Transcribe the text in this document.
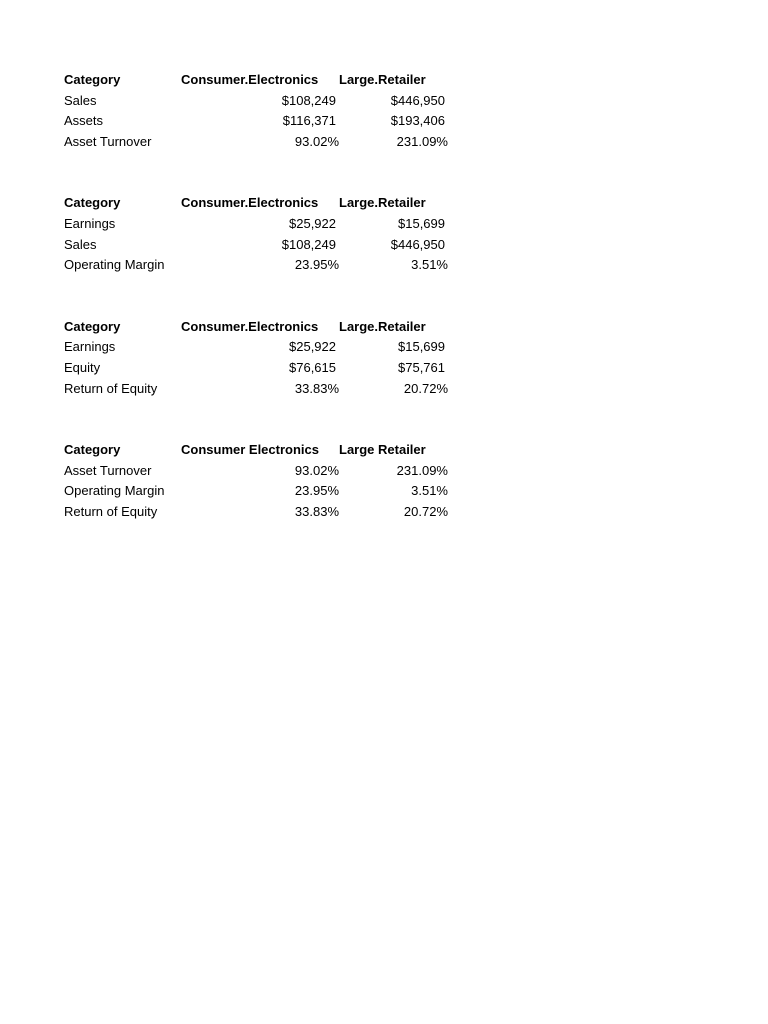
Category	Consumer.Electronics	Large.Retailer
Sales	$108,249	$446,950
Assets	$116,371	$193,406
Asset Turnover	93.02%	231.09%
Category	Consumer.Electronics	Large.Retailer
Earnings	$25,922	$15,699
Sales	$108,249	$446,950
Operating Margin	23.95%	3.51%
Category	Consumer.Electronics	Large.Retailer
Earnings	$25,922	$15,699
Equity	$76,615	$75,761
Return of Equity	33.83%	20.72%
Category	Consumer Electronics	Large Retailer
Asset Turnover	93.02%	231.09%
Operating Margin	23.95%	3.51%
Return of Equity	33.83%	20.72%
